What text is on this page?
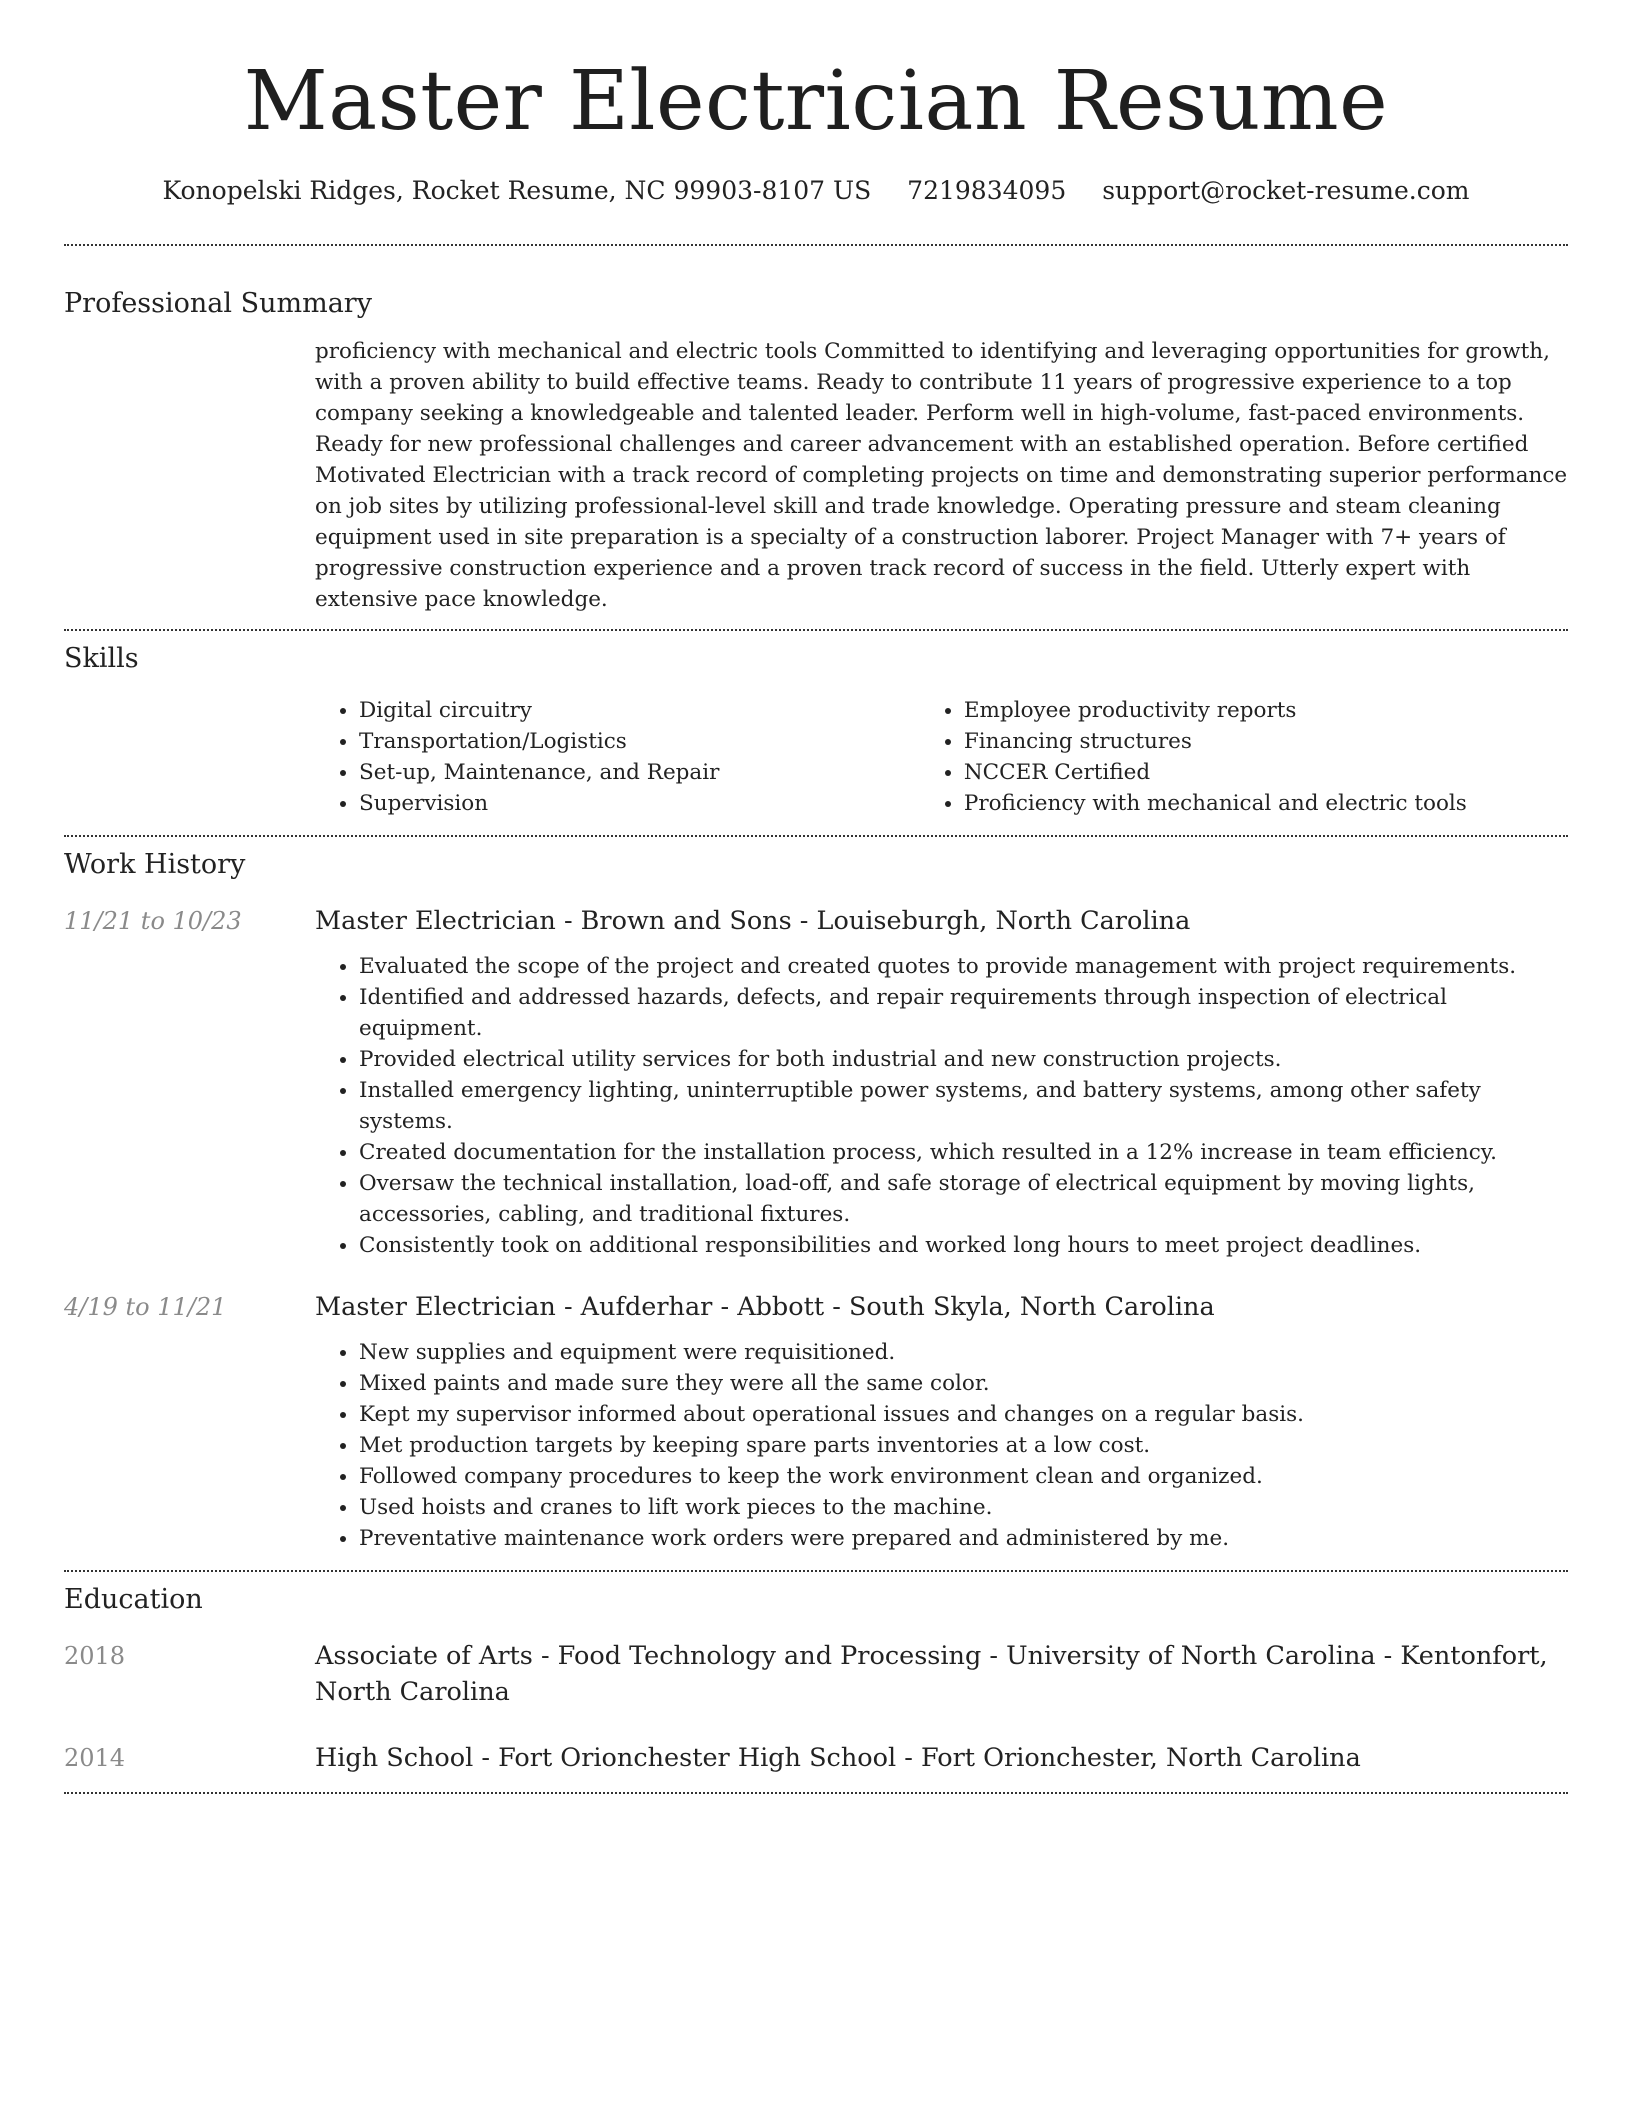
Master Electrician Resume
Konopelski Ridges, Rocket Resume, NC 99903-8107 US 7219834095 support@rocket-resume.com
Professional Summary

proficiency with mechanical and electric tools Committed to identifying and leveraging opportunities for growth, with a proven ability to build effective teams. Ready to contribute 11 years of progressive experience to a top company seeking a knowledgeable and talented leader. Perform well in high-volume, fast-paced environments. Ready for new professional challenges and career advancement with an established operation. Before certified Motivated Electrician with a track record of completing projects on time and demonstrating superior performance on job sites by utilizing professional-level skill and trade knowledge. Operating pressure and steam cleaning equipment used in site preparation is a specialty of a construction laborer. Project Manager with 7+ years of progressive construction experience and a proven track record of success in the field. Utterly expert with extensive pace knowledge.

Skills
• Digital circuitry
• Transportation/Logistics
• Set-up, Maintenance, and Repair
• Supervision
• Employee productivity reports
• Financing structures
• NCCER Certified
• Proficiency with mechanical and electric tools
Work History
11/21 to 10/23	Master Electrician - Brown and Sons - Louiseburgh, North Carolina

• Evaluated the scope of the project and created quotes to provide management with project requirements.
• Identified and addressed hazards, defects, and repair requirements through inspection of electrical equipment.
• Provided electrical utility services for both industrial and new construction projects.
• Installed emergency lighting, uninterruptible power systems, and battery systems, among other safety systems.
• Created documentation for the installation process, which resulted in a 12% increase in team efficiency.
• Oversaw the technical installation, load-off, and safe storage of electrical equipment by moving lights, accessories, cabling, and traditional fixtures.
• Consistently took on additional responsibilities and worked long hours to meet project deadlines.
4/19 to 11/21	Master Electrician - Aufderhar - Abbott - South Skyla, North Carolina

• New supplies and equipment were requisitioned.
• Mixed paints and made sure they were all the same color.
• Kept my supervisor informed about operational issues and changes on a regular basis.
• Met production targets by keeping spare parts inventories at a low cost.
• Followed company procedures to keep the work environment clean and organized.
• Used hoists and cranes to lift work pieces to the machine.
• Preventative maintenance work orders were prepared and administered by me.
Education
2018	Associate of Arts - Food Technology and Processing - University of North Carolina - Kentonfort, North Carolina

2014	High School - Fort Orionchester High School - Fort Orionchester, North Carolina
